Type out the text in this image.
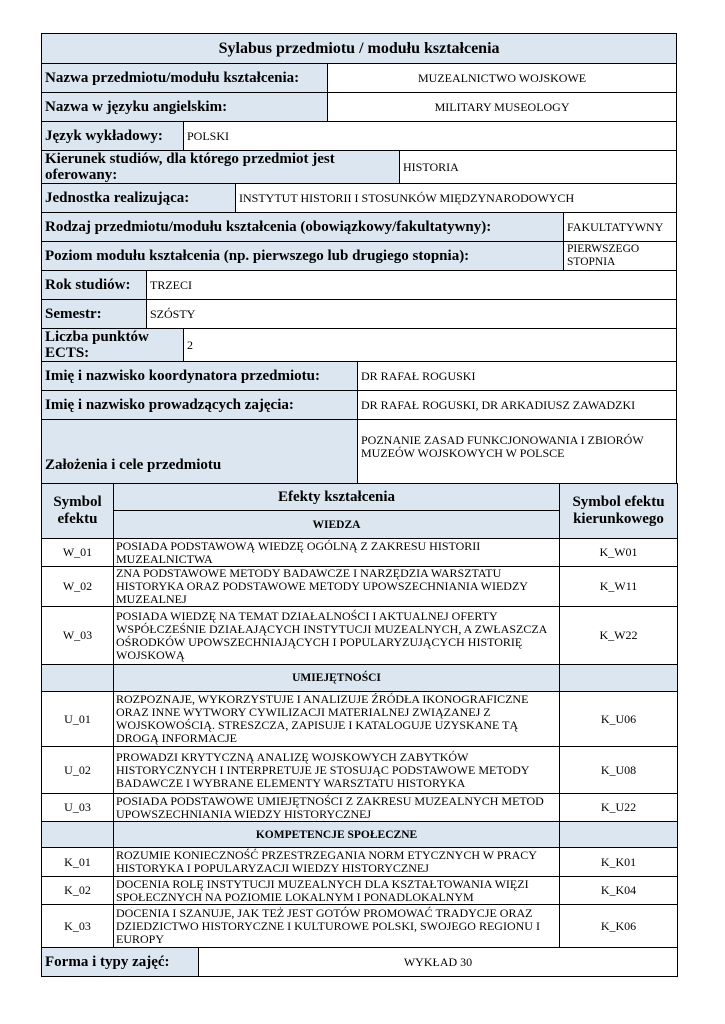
Sylabus przedmiotu / modułu kształcenia							
Nazwa przedmiotu/modułu kształcenia:				MUZEALNICTWO WOJSKOWE			
Nazwa w języku angielskim:				MILITARY MUSEOLOGY			
Język wykładowy:		POLSKI					
Kierunek studiów, dla którego przedmiot jest oferowany:						HISTORIA	
Jednostka realizująca:			INSTYTUT HISTORII I STOSUNKÓW MIĘDZYNARODOWYCH				
Rodzaj przedmiotu/modułu kształcenia (obowiązkowy/fakultatywny):							FAKULTATYWNY
Poziom modułu kształcenia (np. pierwszego lub drugiego stopnia):							PIERWSZEGO STOPNIA
Rok studiów:	TRZECI						
Semestr:	SZÓSTY						
Liczba punktów ECTS:		2					
Imię i nazwisko koordynatora przedmiotu:					DR RAFAŁ ROGUSKI		
Imię i nazwisko prowadzących zajęcia:					DR RAFAŁ ROGUSKI, DR ARKADIUSZ ZAWADZKI		
Założenia i cele przedmiotu					POZNANIE ZASAD FUNKCJONOWANIA I ZBIORÓW MUZEÓW WOJSKOWYCH W POLSCE		
Symbol efektu	Efekty kształcenia	Symbol efektu kierunkowego
	WIEDZA	
W_01	POSIADA PODSTAWOWĄ WIEDZĘ OGÓLNĄ Z ZAKRESU HISTORII MUZEALNICTWA	K_W01
W_02	ZNA PODSTAWOWE METODY BADAWCZE I NARZĘDZIA WARSZTATU HISTORYKA ORAZ PODSTAWOWE METODY UPOWSZECHNIANIA WIEDZY MUZEALNEJ	K_W11
W_03	POSIADA WIEDZĘ NA TEMAT DZIAŁALNOŚCI I AKTUALNEJ OFERTY WSPÓŁCZEŚNIE DZIAŁAJĄCYCH INSTYTUCJI MUZEALNYCH, A ZWŁASZCZA OŚRODKÓW UPOWSZECHNIAJĄCYCH I POPULARYZUJĄCYCH HISTORIĘ WOJSKOWĄ	K_W22
	UMIEJĘTNOŚCI	
U_01	ROZPOZNAJE, WYKORZYSTUJE I ANALIZUJE ŹRÓDŁA IKONOGRAFICZNE ORAZ INNE WYTWORY CYWILIZACJI MATERIALNEJ ZWIĄZANEJ Z WOJSKOWOŚCIĄ. STRESZCZA, ZAPISUJE I KATALOGUJE UZYSKANE TĄ DROGĄ INFORMACJE	K_U06
U_02	PROWADZI KRYTYCZNĄ ANALIZĘ WOJSKOWYCH ZABYTKÓW HISTORYCZNYCH I INTERPRETUJE JE STOSUJĄC PODSTAWOWE METODY BADAWCZE I WYBRANE ELEMENTY WARSZTATU HISTORYKA	K_U08
U_03	POSIADA PODSTAWOWE UMIEJĘTNOŚCI Z ZAKRESU MUZEALNYCH METOD UPOWSZECHNIANIA WIEDZY HISTORYCZNEJ	K_U22
	KOMPETENCJE SPOŁECZNE	
K_01	ROZUMIE KONIECZNOŚĆ PRZESTRZEGANIA NORM ETYCZNYCH W PRACY HISTORYKA I POPULARYZACJI WIEDZY HISTORYCZNEJ	K_K01
K_02	DOCENIA ROLĘ INSTYTUCJI MUZEALNYCH DLA KSZTAŁTOWANIA WIĘZI SPOŁECZNYCH NA POZIOMIE LOKALNYM I PONADLOKALNYM	K_K04
K_03	DOCENIA I SZANUJE, JAK TEŻ JEST GOTÓW PROMOWAĆ TRADYCJE ORAZ DZIEDZICTWO HISTORYCZNE I KULTUROWE POLSKI, SWOJEGO REGIONU I EUROPY	K_K06
Forma i typy zajęć:	WYKŁAD 30
